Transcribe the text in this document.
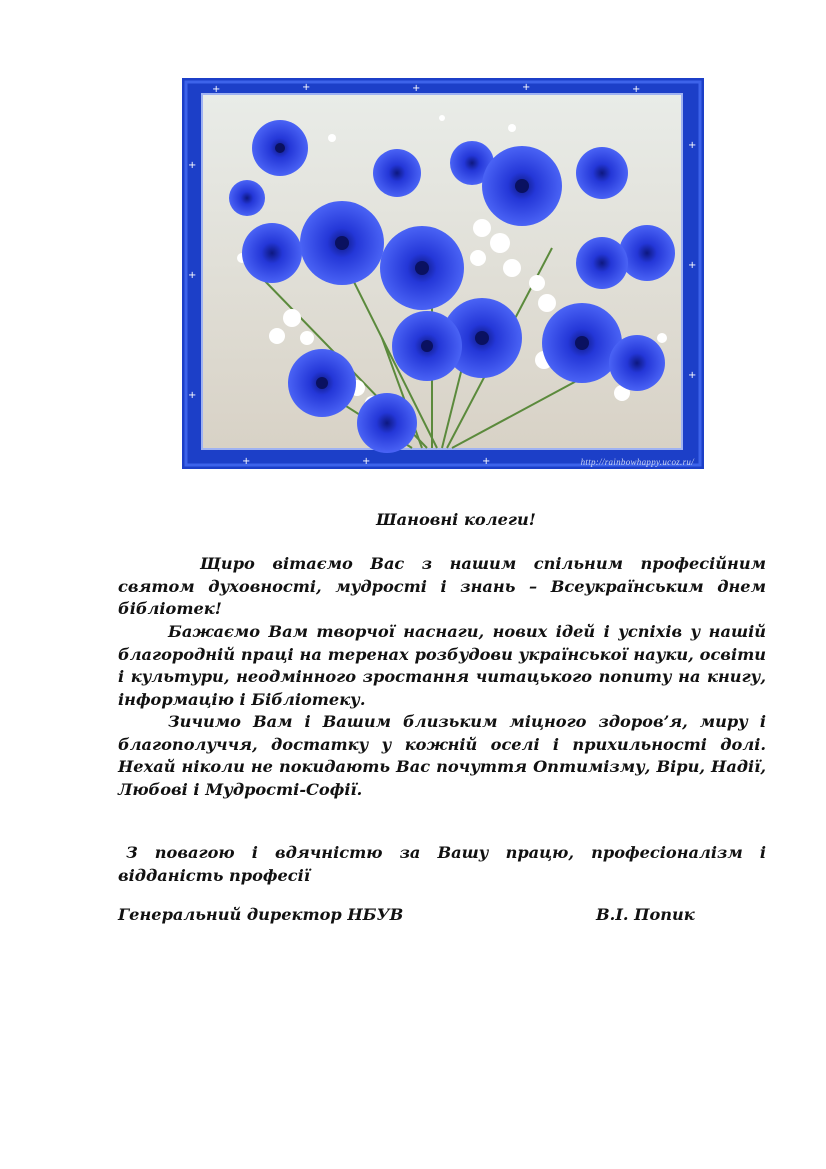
+	+	+	+	+
+
+
+
+
+
+
+	+	+	http://rainbowhappy.ucoz.ru/
Шановні колеги!
Щиро вітаємо Вас з нашим спільним професійним святом духовності, мудрості і знань – Всеукраїнським днем бібліотек!
Бажаємо Вам творчої наснаги, нових ідей і успіхів у нашій благородній праці на теренах розбудови української науки, освіти і культури, неодмінного зростання читацького попиту на книгу, інформацію і Бібліотеку.
Зичимо Вам і Вашим близьким міцного здоров’я, миру і благополуччя, достатку у кожній оселі і прихильності долі. Нехай ніколи не покидають Вас почуття Оптимізму, Віри, Надії, Любові і Мудрості-Софії.
З повагою і вдячністю за Вашу працю, професіоналізм і відданість професії
Генеральний директор НБУВ	В.І. Попик
